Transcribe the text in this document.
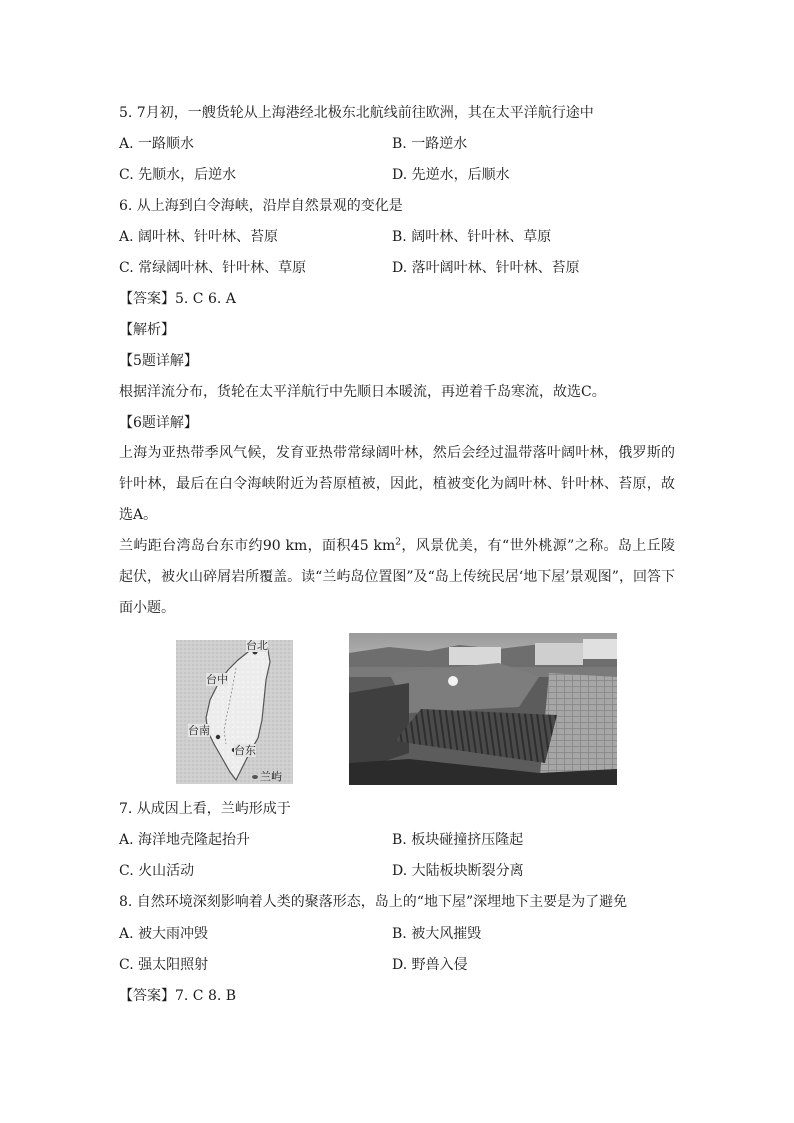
5. 7月初，一艘货轮从上海港经北极东北航线前往欧洲，其在太平洋航行途中
A. 一路顺水	B. 一路逆水
C. 先顺水，后逆水	D. 先逆水，后顺水
6. 从上海到白令海峡，沿岸自然景观的变化是
A. 阔叶林、针叶林、苔原	B. 阔叶林、针叶林、草原
C. 常绿阔叶林、针叶林、草原	D. 落叶阔叶林、针叶林、苔原
【答案】5. C 6. A
【解析】
【5题详解】
根据洋流分布，货轮在太平洋航行中先顺日本暖流，再逆着千岛寒流，故选C。
【6题详解】
上海为亚热带季风气候，发育亚热带常绿阔叶林，然后会经过温带落叶阔叶林，俄罗斯的针叶林，最后在白令海峡附近为苔原植被，因此，植被变化为阔叶林、针叶林、苔原，故选A。
兰屿距台湾岛台东市约90 km，面积45 $km^2$，风景优美，有“世外桃源”之称。岛上丘陵起伏，被火山碎屑岩所覆盖。读“兰屿岛位置图”及“岛上传统民居‘地下屋’景观图”，回答下面小题。
台北
台中
台南
台东
兰屿
7. 从成因上看，兰屿形成于
A. 海洋地壳隆起抬升	B. 板块碰撞挤压隆起
C. 火山活动	D. 大陆板块断裂分离
8. 自然环境深刻影响着人类的聚落形态，岛上的“地下屋”深埋地下主要是为了避免
A. 被大雨冲毁	B. 被大风摧毁
C. 强太阳照射	D. 野兽入侵
【答案】7. C 8. B
